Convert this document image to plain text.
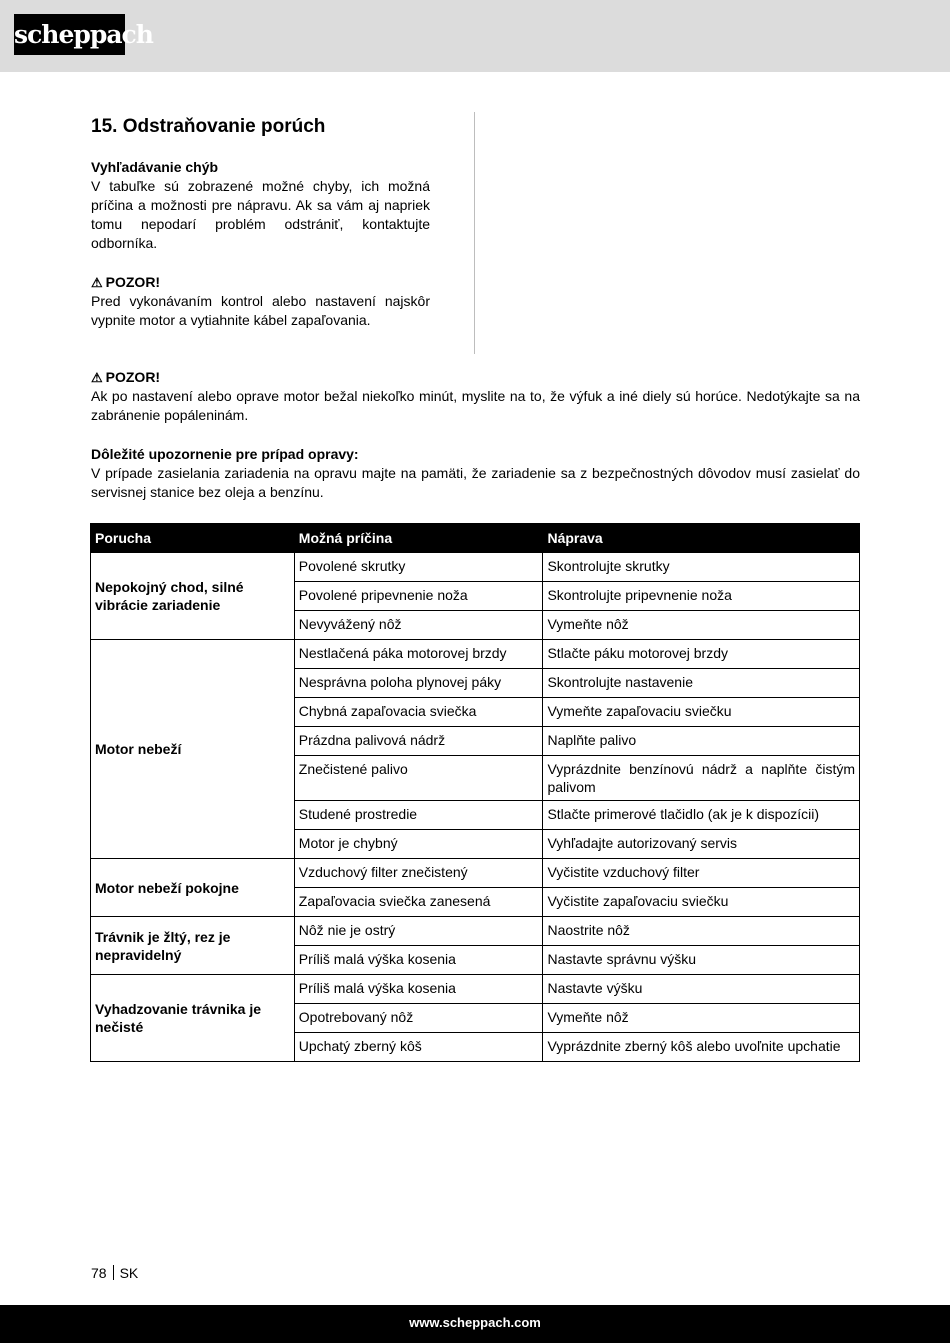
scheppach
15. Odstraňovanie porúch

Vyhľadávanie chýb

V tabuľke sú zobrazené možné chyby, ich možná príčina a možnosti pre nápravu. Ak sa vám aj napriek tomu nepodarí problém odstrániť, kontaktujte odborníka.

⚠ POZOR!

Pred vykonávaním kontrol alebo nastavení najskôr vypnite motor a vytiahnite kábel zapaľovania.

⚠ POZOR!

Ak po nastavení alebo oprave motor bežal niekoľko minút, myslite na to, že výfuk a iné diely sú horúce. Nedotýkajte sa na zabránenie popáleninám.

Dôležité upozornenie pre prípad opravy:

V prípade zasielania zariadenia na opravu majte na pamäti, že zariadenie sa z bezpečnostných dôvodov musí zasielať do servisnej stanice bez oleja a benzínu.

Porucha	Možná príčina	Náprava
Nepokojný chod, silné vibrácie zariadenie	Povolené skrutky	Skontrolujte skrutky
	Povolené pripevnenie noža	Skontrolujte pripevnenie noža
	Nevyvážený nôž	Vymeňte nôž
Motor nebeží	Nestlačená páka motorovej brzdy	Stlačte páku motorovej brzdy
	Nesprávna poloha plynovej páky	Skontrolujte nastavenie
	Chybná zapaľovacia sviečka	Vymeňte zapaľovaciu sviečku
	Prázdna palivová nádrž	Naplňte palivo
	Znečistené palivo	Vyprázdnite benzínovú nádrž a naplňte čistým palivom
	Studené prostredie	Stlačte primerové tlačidlo (ak je k dispozícii)
	Motor je chybný	Vyhľadajte autorizovaný servis
Motor nebeží pokojne	Vzduchový filter znečistený	Vyčistite vzduchový filter
	Zapaľovacia sviečka zanesená	Vyčistite zapaľovaciu sviečku
Trávnik je žltý, rez je nepravidelný	Nôž nie je ostrý	Naostrite nôž
	Príliš malá výška kosenia	Nastavte správnu výšku
Vyhadzovanie trávnika je nečisté	Príliš malá výška kosenia	Nastavte výšku
	Opotrebovaný nôž	Vymeňte nôž
	Upchatý zberný kôš	Vyprázdnite zberný kôš alebo uvoľnite upchatie
78 SK
www.scheppach.com
